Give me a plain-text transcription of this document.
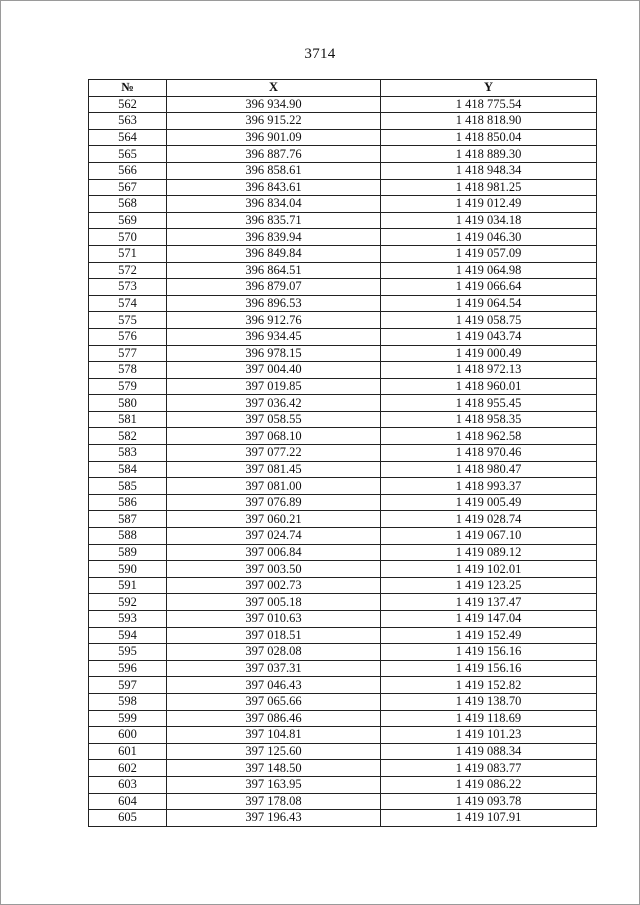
3714
№	X	Y
562	396 934.90	1 418 775.54
563	396 915.22	1 418 818.90
564	396 901.09	1 418 850.04
565	396 887.76	1 418 889.30
566	396 858.61	1 418 948.34
567	396 843.61	1 418 981.25
568	396 834.04	1 419 012.49
569	396 835.71	1 419 034.18
570	396 839.94	1 419 046.30
571	396 849.84	1 419 057.09
572	396 864.51	1 419 064.98
573	396 879.07	1 419 066.64
574	396 896.53	1 419 064.54
575	396 912.76	1 419 058.75
576	396 934.45	1 419 043.74
577	396 978.15	1 419 000.49
578	397 004.40	1 418 972.13
579	397 019.85	1 418 960.01
580	397 036.42	1 418 955.45
581	397 058.55	1 418 958.35
582	397 068.10	1 418 962.58
583	397 077.22	1 418 970.46
584	397 081.45	1 418 980.47
585	397 081.00	1 418 993.37
586	397 076.89	1 419 005.49
587	397 060.21	1 419 028.74
588	397 024.74	1 419 067.10
589	397 006.84	1 419 089.12
590	397 003.50	1 419 102.01
591	397 002.73	1 419 123.25
592	397 005.18	1 419 137.47
593	397 010.63	1 419 147.04
594	397 018.51	1 419 152.49
595	397 028.08	1 419 156.16
596	397 037.31	1 419 156.16
597	397 046.43	1 419 152.82
598	397 065.66	1 419 138.70
599	397 086.46	1 419 118.69
600	397 104.81	1 419 101.23
601	397 125.60	1 419 088.34
602	397 148.50	1 419 083.77
603	397 163.95	1 419 086.22
604	397 178.08	1 419 093.78
605	397 196.43	1 419 107.91
